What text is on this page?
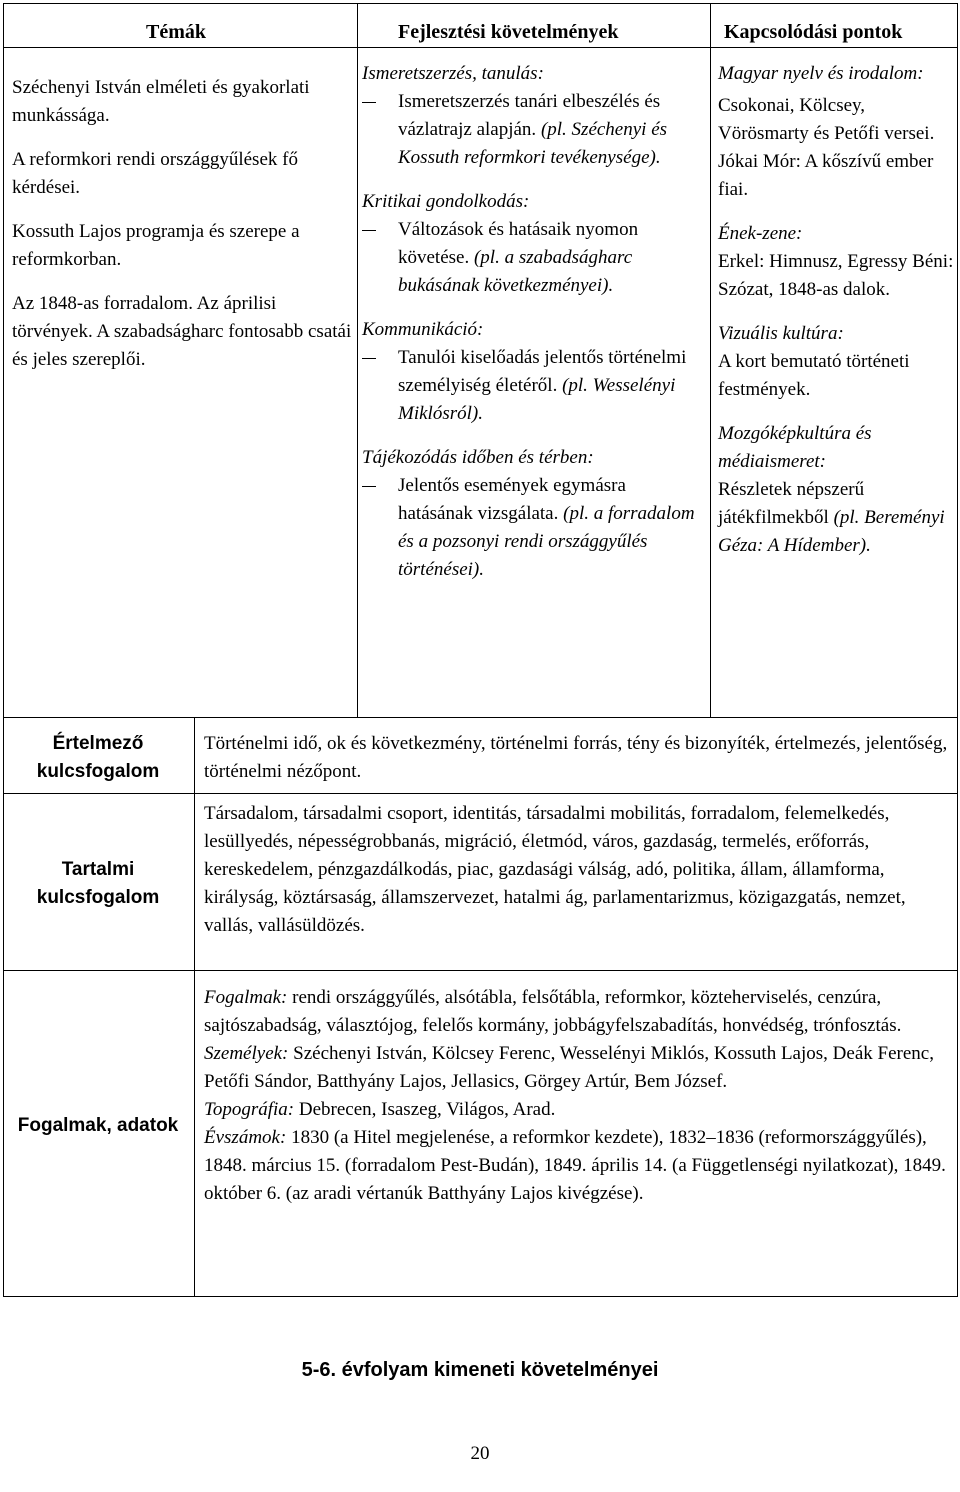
Témák	Fejlesztési követelmények	Kapcsolódási pontok

Széchenyi István elméleti és gyakorlati munkássága.

A reformkori rendi országgyűlések fő kérdései.

Kossuth Lajos programja és szerepe a reformkorban.

Az 1848-as forradalom. Az áprilisi törvények. A szabadságharc fontosabb csatái és jeles szereplői.

Ismeretszerzés, tanulás:

Ismeretszerzés tanári elbeszélés és vázlatrajz alapján. (pl. Széchenyi és Kossuth reformkori tevékenysége).

Kritikai gondolkodás:

Változások és hatásaik nyomon követése. (pl. a szabadságharc bukásának következményei).

Kommunikáció:

Tanulói kiselőadás jelentős történelmi személyiség életéről. (pl. Wesselényi Miklósról).

Tájékozódás időben és térben:

Jelentős események egymásra hatásának vizsgálata. (pl. a forradalom és a pozsonyi rendi országgyűlés történései).

Magyar nyelv és irodalom:

Csokonai, Kölcsey, Vörösmarty és Petőfi versei. Jókai Mór: A kőszívű ember fiai.

Ének-zene:

Erkel: Himnusz, Egressy Béni: Szózat, 1848-as dalok.

Vizuális kultúra:

A kort bemutató történeti festmények.

Mozgóképkultúra és médiaismeret:

Részletek népszerű játékfilmekből (pl. Bereményi Géza: A Hídember).

Értelmező kulcsfogalom

Történelmi idő, ok és következmény, történelmi forrás, tény és bizonyíték, értelmezés, jelentőség, történelmi nézőpont.

Tartalmi kulcsfogalom

Társadalom, társadalmi csoport, identitás, társadalmi mobilitás, forradalom, felemelkedés, lesüllyedés, népességrobbanás, migráció, életmód, város, gazdaság, termelés, erőforrás, kereskedelem, pénzgazdálkodás, piac, gazdasági válság, adó, politika, állam, államforma, királyság, köztársaság, államszervezet, hatalmi ág, parlamentarizmus, közigazgatás, nemzet, vallás, vallásüldözés.

Fogalmak, adatok

Fogalmak: rendi országgyűlés, alsótábla, felsőtábla, reformkor, közteherviselés, cenzúra, sajtószabadság, választójog, felelős kormány, jobbágyfelszabadítás, honvédség, trónfosztás.

Személyek: Széchenyi István, Kölcsey Ferenc, Wesselényi Miklós, Kossuth Lajos, Deák Ferenc, Petőfi Sándor, Batthyány Lajos, Jellasics, Görgey Artúr, Bem József.

Topográfia: Debrecen, Isaszeg, Világos, Arad.

Évszámok: 1830 (a Hitel megjelenése, a reformkor kezdete), 1832–1836 (reformországgyűlés), 1848. március 15. (forradalom Pest-Budán), 1849. április 14. (a Függetlenségi nyilatkozat), 1849. október 6. (az aradi vértanúk Batthyány Lajos kivégzése).

5-6. évfolyam kimeneti követelményei
20
